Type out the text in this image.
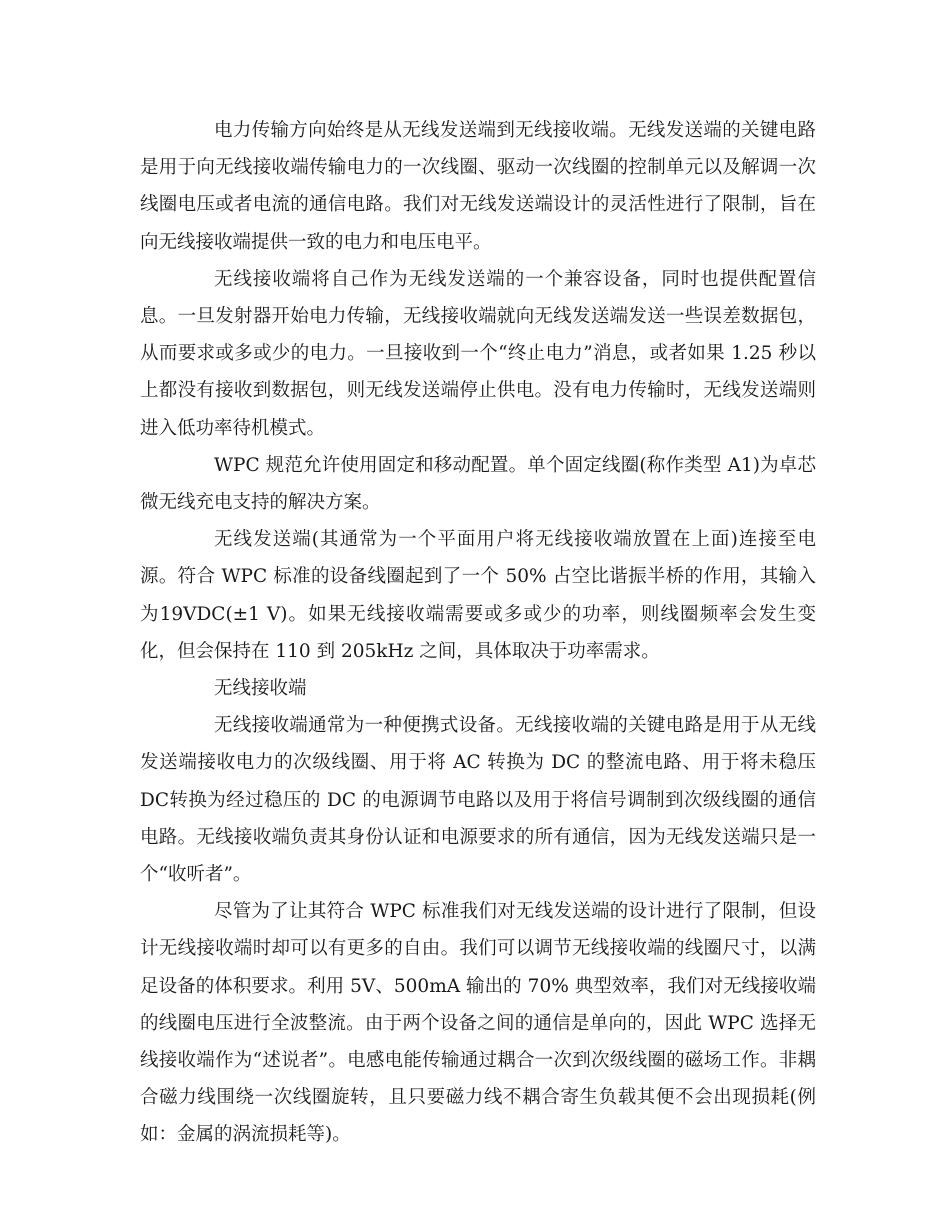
电力传输方向始终是从无线发送端到无线接收端。无线发送端的关键电路是用于向无线接收端传输电力的一次线圈、驱动一次线圈的控制单元以及解调一次线圈电压或者电流的通信电路。我们对无线发送端设计的灵活性进行了限制，旨在向无线接收端提供一致的电力和电压电平。

无线接收端将自己作为无线发送端的一个兼容设备，同时也提供配置信息。一旦发射器开始电力传输，无线接收端就向无线发送端发送一些误差数据包，从而要求或多或少的电力。一旦接收到一个“终止电力”消息，或者如果 1.25 秒以上都没有接收到数据包，则无线发送端停止供电。没有电力传输时，无线发送端则进入低功率待机模式。

WPC 规范允许使用固定和移动配置。单个固定线圈(称作类型 A1)为卓芯微无线充电支持的解决方案。

无线发送端(其通常为一个平面用户将无线接收端放置在上面)连接至电源。符合 WPC 标准的设备线圈起到了一个 50% 占空比谐振半桥的作用，其输入为19VDC(±1 V)。如果无线接收端需要或多或少的功率，则线圈频率会发生变化，但会保持在 110 到 205kHz 之间，具体取决于功率需求。

无线接收端

无线接收端通常为一种便携式设备。无线接收端的关键电路是用于从无线发送端接收电力的次级线圈、用于将 AC 转换为 DC 的整流电路、用于将未稳压DC转换为经过稳压的 DC 的电源调节电路以及用于将信号调制到次级线圈的通信电路。无线接收端负责其身份认证和电源要求的所有通信，因为无线发送端只是一个“收听者”。

尽管为了让其符合 WPC 标准我们对无线发送端的设计进行了限制，但设计无线接收端时却可以有更多的自由。我们可以调节无线接收端的线圈尺寸，以满足设备的体积要求。利用 5V、500mA 输出的 70% 典型效率，我们对无线接收端的线圈电压进行全波整流。由于两个设备之间的通信是单向的，因此 WPC 选择无线接收端作为“述说者”。电感电能传输通过耦合一次到次级线圈的磁场工作。非耦合磁力线围绕一次线圈旋转，且只要磁力线不耦合寄生负载其便不会出现损耗(例如：金属的涡流损耗等)。
